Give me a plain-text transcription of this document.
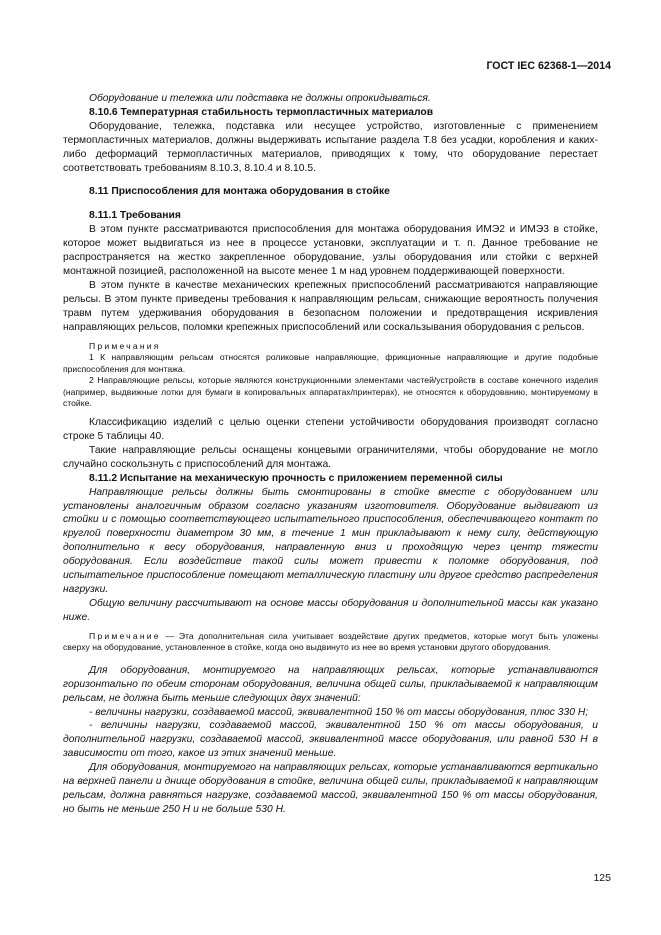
ГОСТ IEC 62368-1—2014

Оборудование и тележка или подставка не должны опрокидываться.

8.10.6 Температурная стабильность термопластичных материалов

Оборудование, тележка, подставка или несущее устройство, изготовленные с применением термопластичных материалов, должны выдерживать испытание раздела Т.8 без усадки, коробления и каких-либо деформаций термопластичных материалов, приводящих к тому, что оборудование перестает соответствовать требованиям 8.10.3, 8.10.4 и 8.10.5.

8.11 Приспособления для монтажа оборудования в стойке

8.11.1 Требования

В этом пункте рассматриваются приспособления для монтажа оборудования ИМЭ2 и ИМЭ3 в стойке, которое может выдвигаться из нее в процессе установки, эксплуатации и т. п. Данное требование не распространяется на жестко закрепленное оборудование, узлы оборудования или стойки с верхней монтажной позицией, расположенной на высоте менее 1 м над уровнем поддерживающей поверхности.

В этом пункте в качестве механических крепежных приспособлений рассматриваются направляющие рельсы. В этом пункте приведены требования к направляющим рельсам, снижающие вероятность получения травм путем удерживания оборудования в безопасном положении и предотвращения искривления направляющих рельсов, поломки крепежных приспособлений или соскальзывания оборудования с рельсов.

Примечания

1 К направляющим рельсам относятся роликовые направляющие, фрикционные направляющие и другие подобные приспособления для монтажа.

2 Направляющие рельсы, которые являются конструкционными элементами частей/устройств в составе конечного изделия (например, выдвижные лотки для бумаги в копировальных аппаратах/принтерах), не относятся к оборудованию, монтируемому в стойке.

Классификацию изделий с целью оценки степени устойчивости оборудования производят согласно строке 5 таблицы 40.

Такие направляющие рельсы оснащены концевыми ограничителями, чтобы оборудование не могло случайно соскользнуть с приспособлений для монтажа.

8.11.2 Испытание на механическую прочность с приложением переменной силы

Направляющие рельсы должны быть смонтированы в стойке вместе с оборудованием или установлены аналогичным образом согласно указаниям изготовителя. Оборудование выдвигают из стойки и с помощью соответствующего испытательного приспособления, обеспечивающего контакт по круглой поверхности диаметром 30 мм, в течение 1 мин прикладывают к нему силу, действующую дополнительно к весу оборудования, направленную вниз и проходящую через центр тяжести оборудования. Если воздействие такой силы может привести к поломке оборудования, под испытательное приспособление помещают металлическую пластину или другое средство распределения нагрузки.

Общую величину рассчитывают на основе массы оборудования и дополнительной массы как указано ниже.

Примечание — Эта дополнительная сила учитывает воздействие других предметов, которые могут быть уложены сверху на оборудование, установленное в стойке, когда оно выдвинуто из нее во время установки другого оборудования.

Для оборудования, монтируемого на направляющих рельсах, которые устанавливаются горизонтально по обеим сторонам оборудования, величина общей силы, прикладываемой к направляющим рельсам, не должна быть меньше следующих двух значений:

- величины нагрузки, создаваемой массой, эквивалентной 150 % от массы оборудования, плюс 330 Н;

- величины нагрузки, создаваемой массой, эквивалентной 150 % от массы оборудования, и дополнительной нагрузки, создаваемой массой, эквивалентной массе оборудования, или равной 530 Н в зависимости от того, какое из этих значений меньше.

Для оборудования, монтируемого на направляющих рельсах, которые устанавливаются вертикально на верхней панели и днище оборудования в стойке, величина общей силы, прикладываемой к направляющим рельсам, должна равняться нагрузке, создаваемой массой, эквивалентной 150 % от массы оборудования, но быть не меньше 250 Н и не больше 530 Н.

125
